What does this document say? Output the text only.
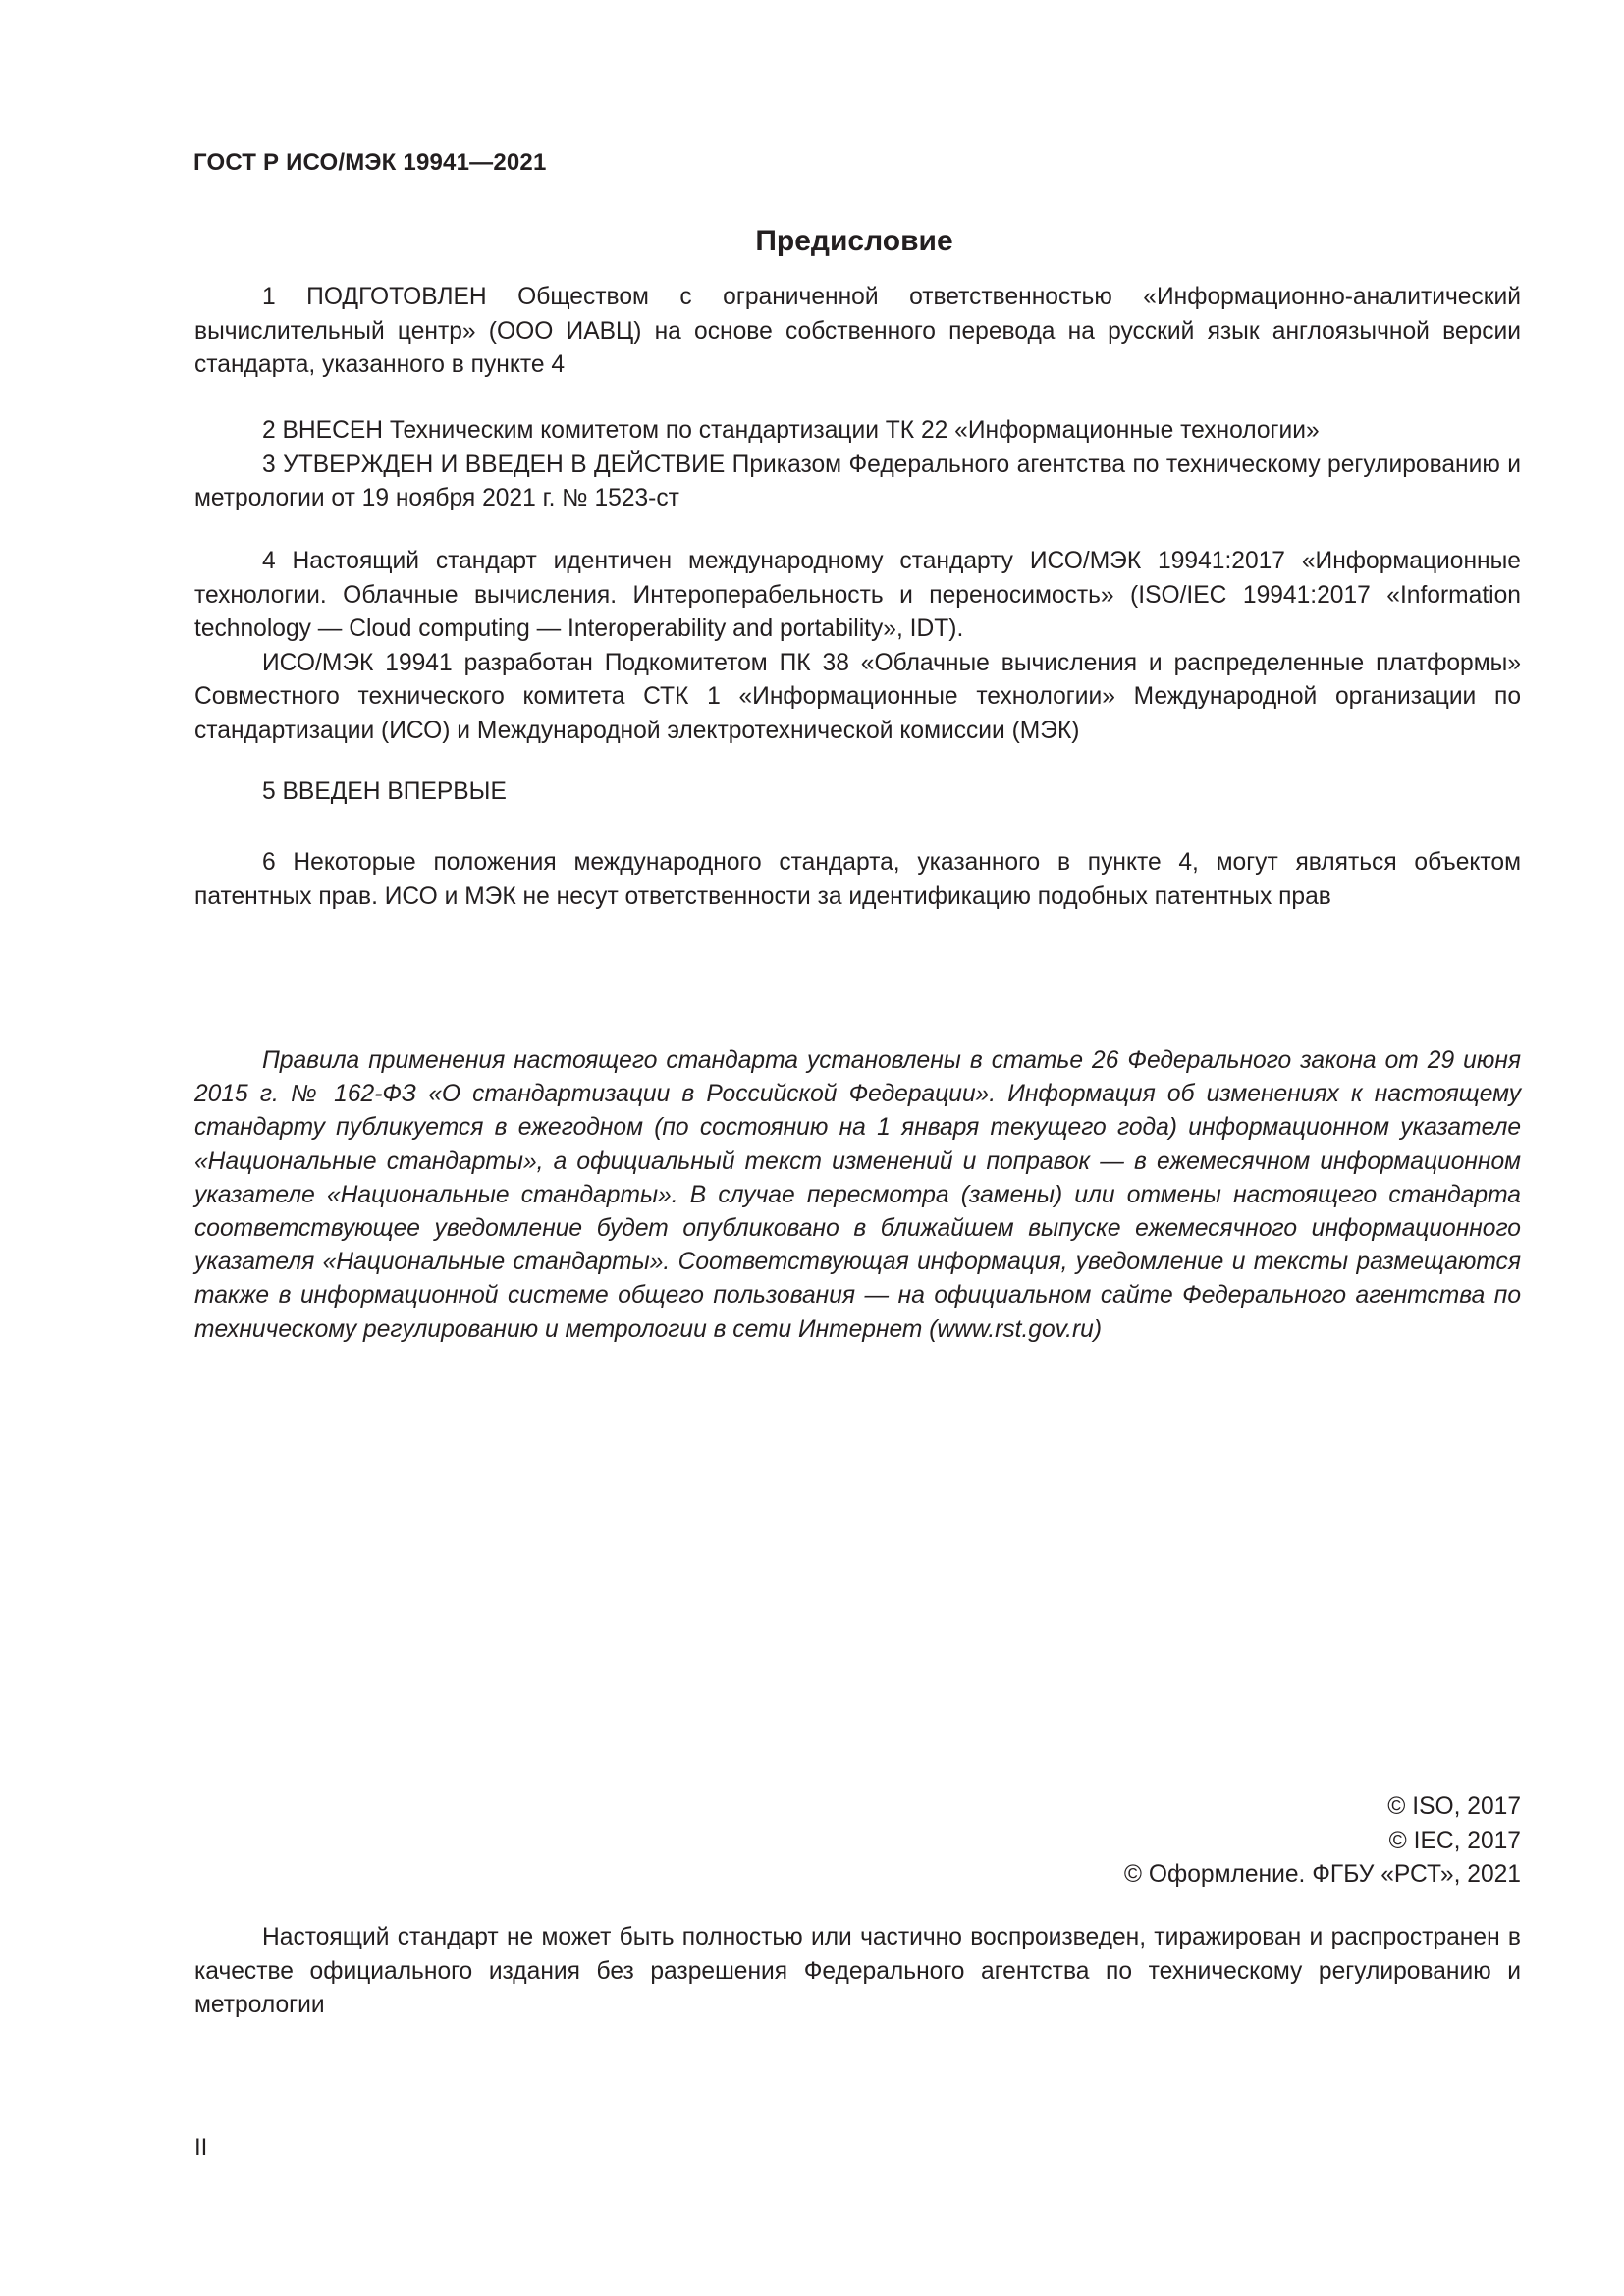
ГОСТ Р ИСО/МЭК 19941—2021
Предисловие

1 ПОДГОТОВЛЕН Обществом с ограниченной ответственностью «Информационно-аналитический вычислительный центр» (ООО ИАВЦ) на основе собственного перевода на русский язык англоязычной версии стандарта, указанного в пункте 4

2 ВНЕСЕН Техническим комитетом по стандартизации ТК 22 «Информационные технологии»

3 УТВЕРЖДЕН И ВВЕДЕН В ДЕЙСТВИЕ Приказом Федерального агентства по техническому регулированию и метрологии от 19 ноября 2021 г. № 1523-ст

4 Настоящий стандарт идентичен международному стандарту ИСО/МЭК 19941:2017 «Информационные технологии. Облачные вычисления. Интероперабельность и переносимость» (ISO/IEC 19941:2017 «Information technology — Cloud computing — Interoperability and portability», IDT).

ИСО/МЭК 19941 разработан Подкомитетом ПК 38 «Облачные вычисления и распределенные платформы» Совместного технического комитета СТК 1 «Информационные технологии» Международной организации по стандартизации (ИСО) и Международной электротехнической комиссии (МЭК)

5 ВВЕДЕН ВПЕРВЫЕ

6 Некоторые положения международного стандарта, указанного в пункте 4, могут являться объектом патентных прав. ИСО и МЭК не несут ответственности за идентификацию подобных патентных прав

Правила применения настоящего стандарта установлены в статье 26 Федерального закона от 29 июня 2015 г. № 162-ФЗ «О стандартизации в Российской Федерации». Информация об изменениях к настоящему стандарту публикуется в ежегодном (по состоянию на 1 января текущего года) информационном указателе «Национальные стандарты», а официальный текст изменений и поправок — в ежемесячном информационном указателе «Национальные стандарты». В случае пересмотра (замены) или отмены настоящего стандарта соответствующее уведомление будет опубликовано в ближайшем выпуске ежемесячного информационного указателя «Национальные стандарты». Соответствующая информация, уведомление и тексты размещаются также в информационной системе общего пользования — на официальном сайте Федерального агентства по техническому регулированию и метрологии в сети Интернет (www.rst.gov.ru)

© ISO, 2017
© IEC, 2017
© Оформление. ФГБУ «РСТ», 2021

Настоящий стандарт не может быть полностью или частично воспроизведен, тиражирован и распространен в качестве официального издания без разрешения Федерального агентства по техническому регулированию и метрологии

II
